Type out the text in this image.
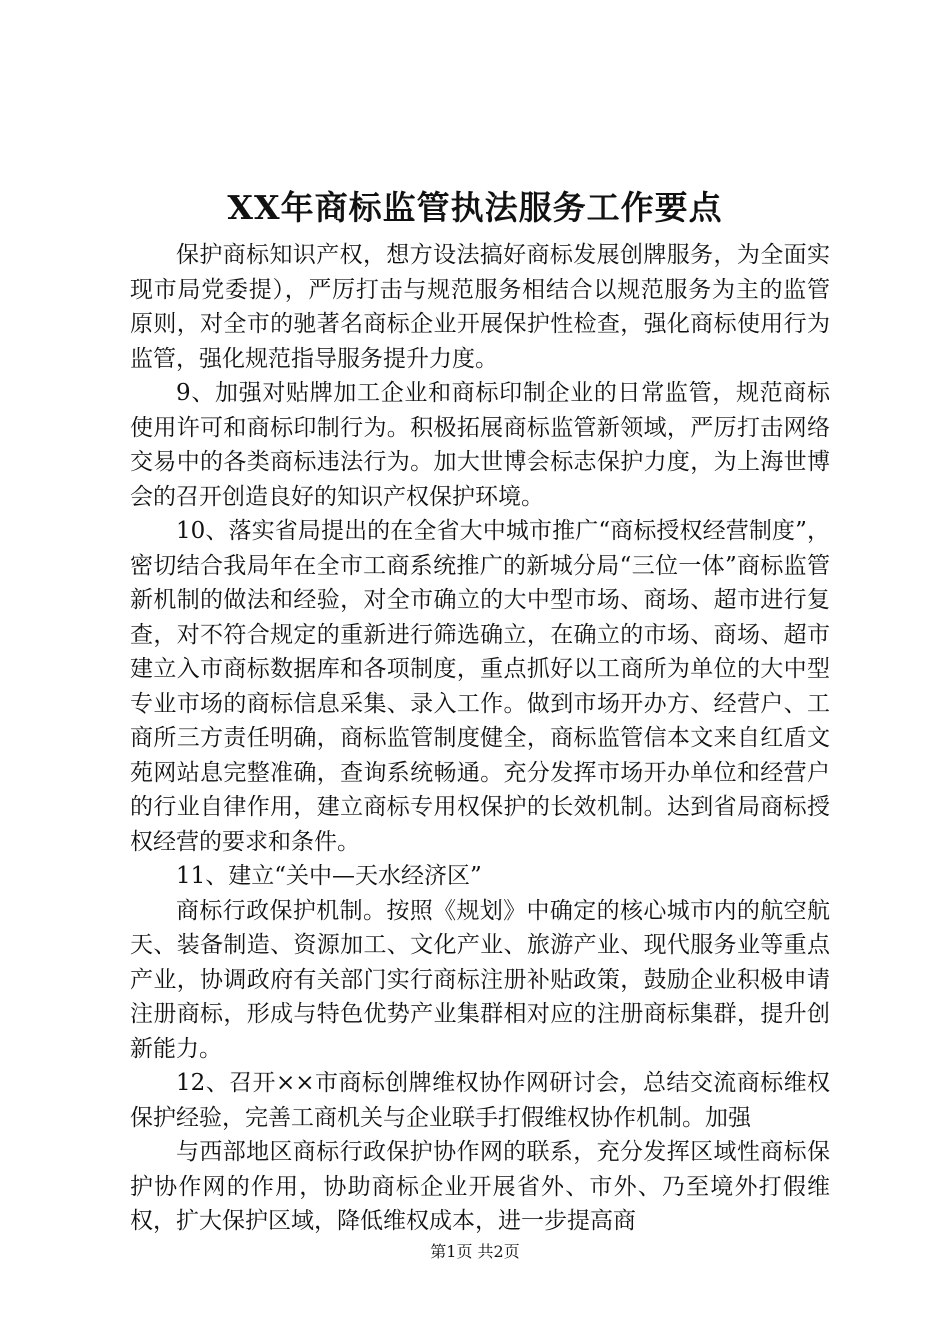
XX年商标监管执法服务工作要点

保护商标知识产权，想方设法搞好商标发展创牌服务，为全面实现市局党委提），严厉打击与规范服务相结合以规范服务为主的监管原则，对全市的驰著名商标企业开展保护性检查，强化商标使用行为监管，强化规范指导服务提升力度。

9、加强对贴牌加工企业和商标印制企业的日常监管，规范商标使用许可和商标印制行为。积极拓展商标监管新领域，严厉打击网络交易中的各类商标违法行为。加大世博会标志保护力度，为上海世博会的召开创造良好的知识产权保护环境。

10、落实省局提出的在全省大中城市推广“商标授权经营制度”，密切结合我局年在全市工商系统推广的新城分局“三位一体”商标监管新机制的做法和经验，对全市确立的大中型市场、商场、超市进行复查，对不符合规定的重新进行筛选确立，在确立的市场、商场、超市建立入市商标数据库和各项制度，重点抓好以工商所为单位的大中型专业市场的商标信息采集、录入工作。做到市场开办方、经营户、工商所三方责任明确，商标监管制度健全，商标监管信本文来自红盾文苑网站息完整准确，查询系统畅通。充分发挥市场开办单位和经营户的行业自律作用，建立商标专用权保护的长效机制。达到省局商标授权经营的要求和条件。

11、建立“关中—天水经济区”

商标行政保护机制。按照《规划》中确定的核心城市内的航空航天、装备制造、资源加工、文化产业、旅游产业、现代服务业等重点产业，协调政府有关部门实行商标注册补贴政策，鼓励企业积极申请注册商标，形成与特色优势产业集群相对应的注册商标集群，提升创新能力。

12、召开××市商标创牌维权协作网研讨会，总结交流商标维权保护经验，完善工商机关与企业联手打假维权协作机制。加强

与西部地区商标行政保护协作网的联系，充分发挥区域性商标保护协作网的作用，协助商标企业开展省外、市外、乃至境外打假维权，扩大保护区域，降低维权成本，进一步提高商

第1页 共2页
